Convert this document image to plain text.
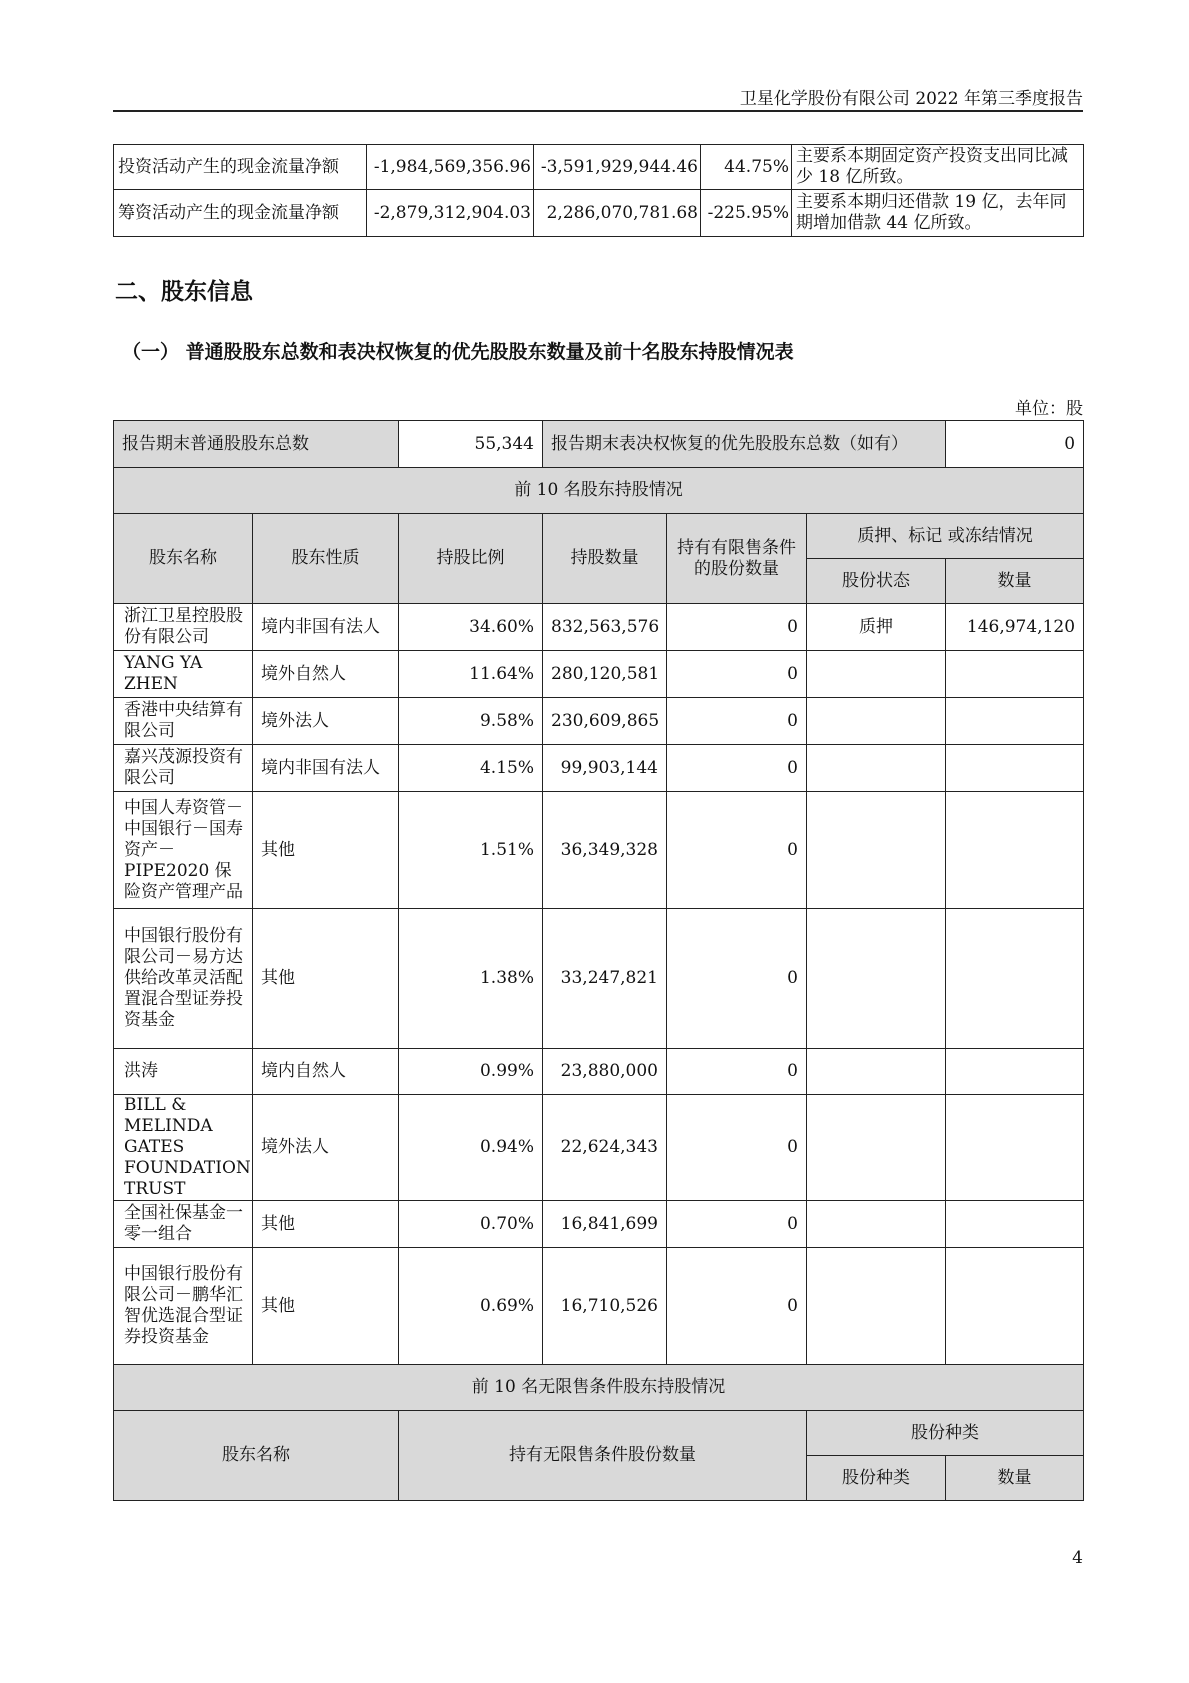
卫星化学股份有限公司 2022 年第三季度报告
投资活动产生的现金流量净额	-1,984,569,356.96	-3,591,929,944.46	44.75%	主要系本期固定资产投资支出同比减少 18 亿所致。
筹资活动产生的现金流量净额	-2,879,312,904.03	2,286,070,781.68	-225.95%	主要系本期归还借款 19 亿，去年同期增加借款 44 亿所致。
二、股东信息
（一） 普通股股东总数和表决权恢复的优先股股东数量及前十名股东持股情况表
单位：股
报告期末普通股股东总数		55,344	报告期末表决权恢复的优先股股东总数（如有）			0
前 10 名股东持股情况						
股东名称	股东性质	持股比例	持股数量	持有有限售条件的股份数量	质押、标记 或冻结情况	
					股份状态	数量
浙江卫星控股股份有限公司	境内非国有法人	34.60%	832,563,576	0	质押	146,974,120
YANG YA ZHEN	境外自然人	11.64%	280,120,581	0		
香港中央结算有限公司	境外法人	9.58%	230,609,865	0		
嘉兴茂源投资有限公司	境内非国有法人	4.15%	99,903,144	0		
中国人寿资管－中国银行－国寿资产－PIPE2020 保险资产管理产品	其他	1.51%	36,349,328	0		
中国银行股份有限公司－易方达供给改革灵活配置混合型证券投资基金	其他	1.38%	33,247,821	0		
洪涛	境内自然人	0.99%	23,880,000	0		
BILL & MELINDA GATES FOUNDATION TRUST	境外法人	0.94%	22,624,343	0		
全国社保基金一零一组合	其他	0.70%	16,841,699	0		
中国银行股份有限公司－鹏华汇智优选混合型证券投资基金	其他	0.69%	16,710,526	0		
前 10 名无限售条件股东持股情况						
股东名称		持有无限售条件股份数量			股份种类	
					股份种类	数量
4
